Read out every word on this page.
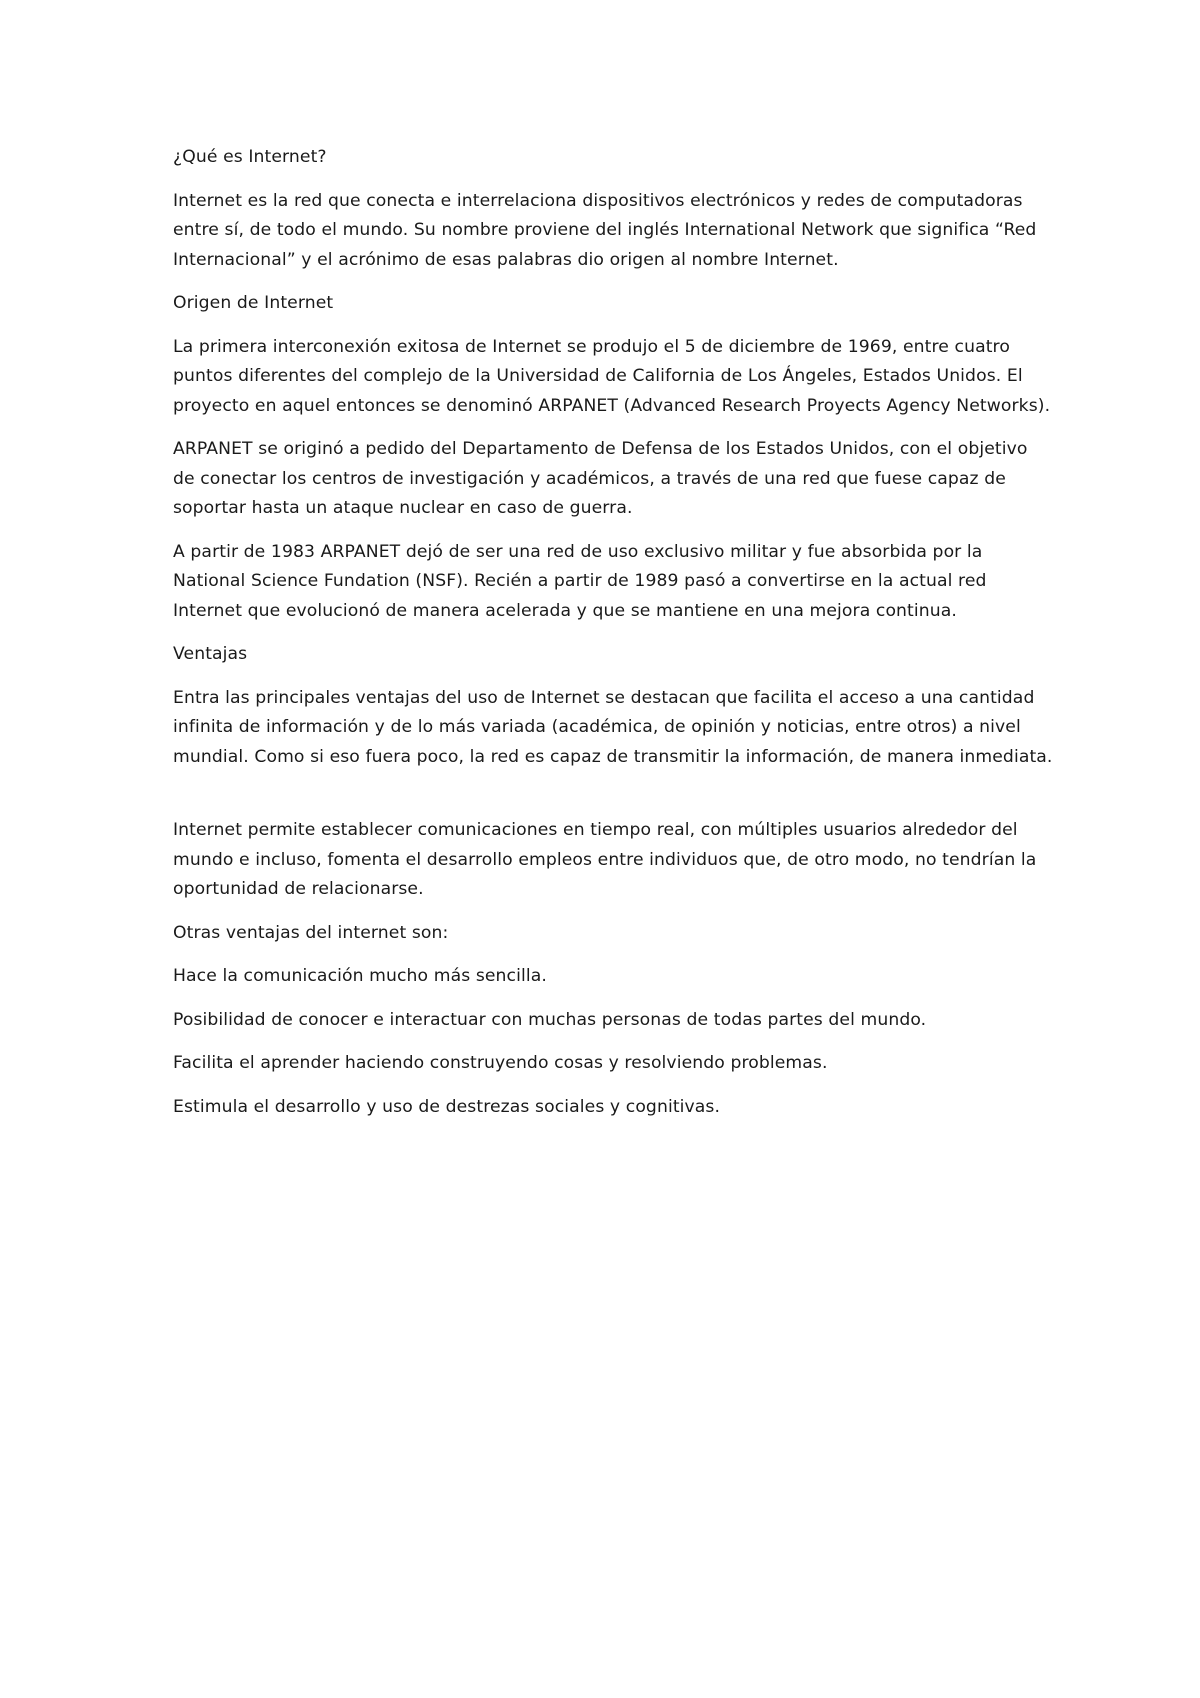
¿Qué es Internet?

Internet es la red que conecta e interrelaciona dispositivos electrónicos y redes de computadoras entre sí, de todo el mundo. Su nombre proviene del inglés International Network que significa “Red Internacional” y el acrónimo de esas palabras dio origen al nombre Internet.

Origen de Internet

La primera interconexión exitosa de Internet se produjo el 5 de diciembre de 1969, entre cuatro puntos diferentes del complejo de la Universidad de California de Los Ángeles, Estados Unidos. El proyecto en aquel entonces se denominó ARPANET (Advanced Research Proyects Agency Networks).

ARPANET se originó a pedido del Departamento de Defensa de los Estados Unidos, con el objetivo de conectar los centros de investigación y académicos, a través de una red que fuese capaz de soportar hasta un ataque nuclear en caso de guerra.

A partir de 1983 ARPANET dejó de ser una red de uso exclusivo militar y fue absorbida por la National Science Fundation (NSF). Recién a partir de 1989 pasó a convertirse en la actual red Internet que evolucionó de manera acelerada y que se mantiene en una mejora continua.

Ventajas

Entra las principales ventajas del uso de Internet se destacan que facilita el acceso a una cantidad infinita de información y de lo más variada (académica, de opinión y noticias, entre otros) a nivel mundial. Como si eso fuera poco, la red es capaz de transmitir la información, de manera inmediata.

Internet permite establecer comunicaciones en tiempo real, con múltiples usuarios alrededor del mundo e incluso, fomenta el desarrollo empleos entre individuos que, de otro modo, no tendrían la oportunidad de relacionarse.

Otras ventajas del internet son:

Hace la comunicación mucho más sencilla.

Posibilidad de conocer e interactuar con muchas personas de todas partes del mundo.

Facilita el aprender haciendo construyendo cosas y resolviendo problemas.

Estimula el desarrollo y uso de destrezas sociales y cognitivas.
